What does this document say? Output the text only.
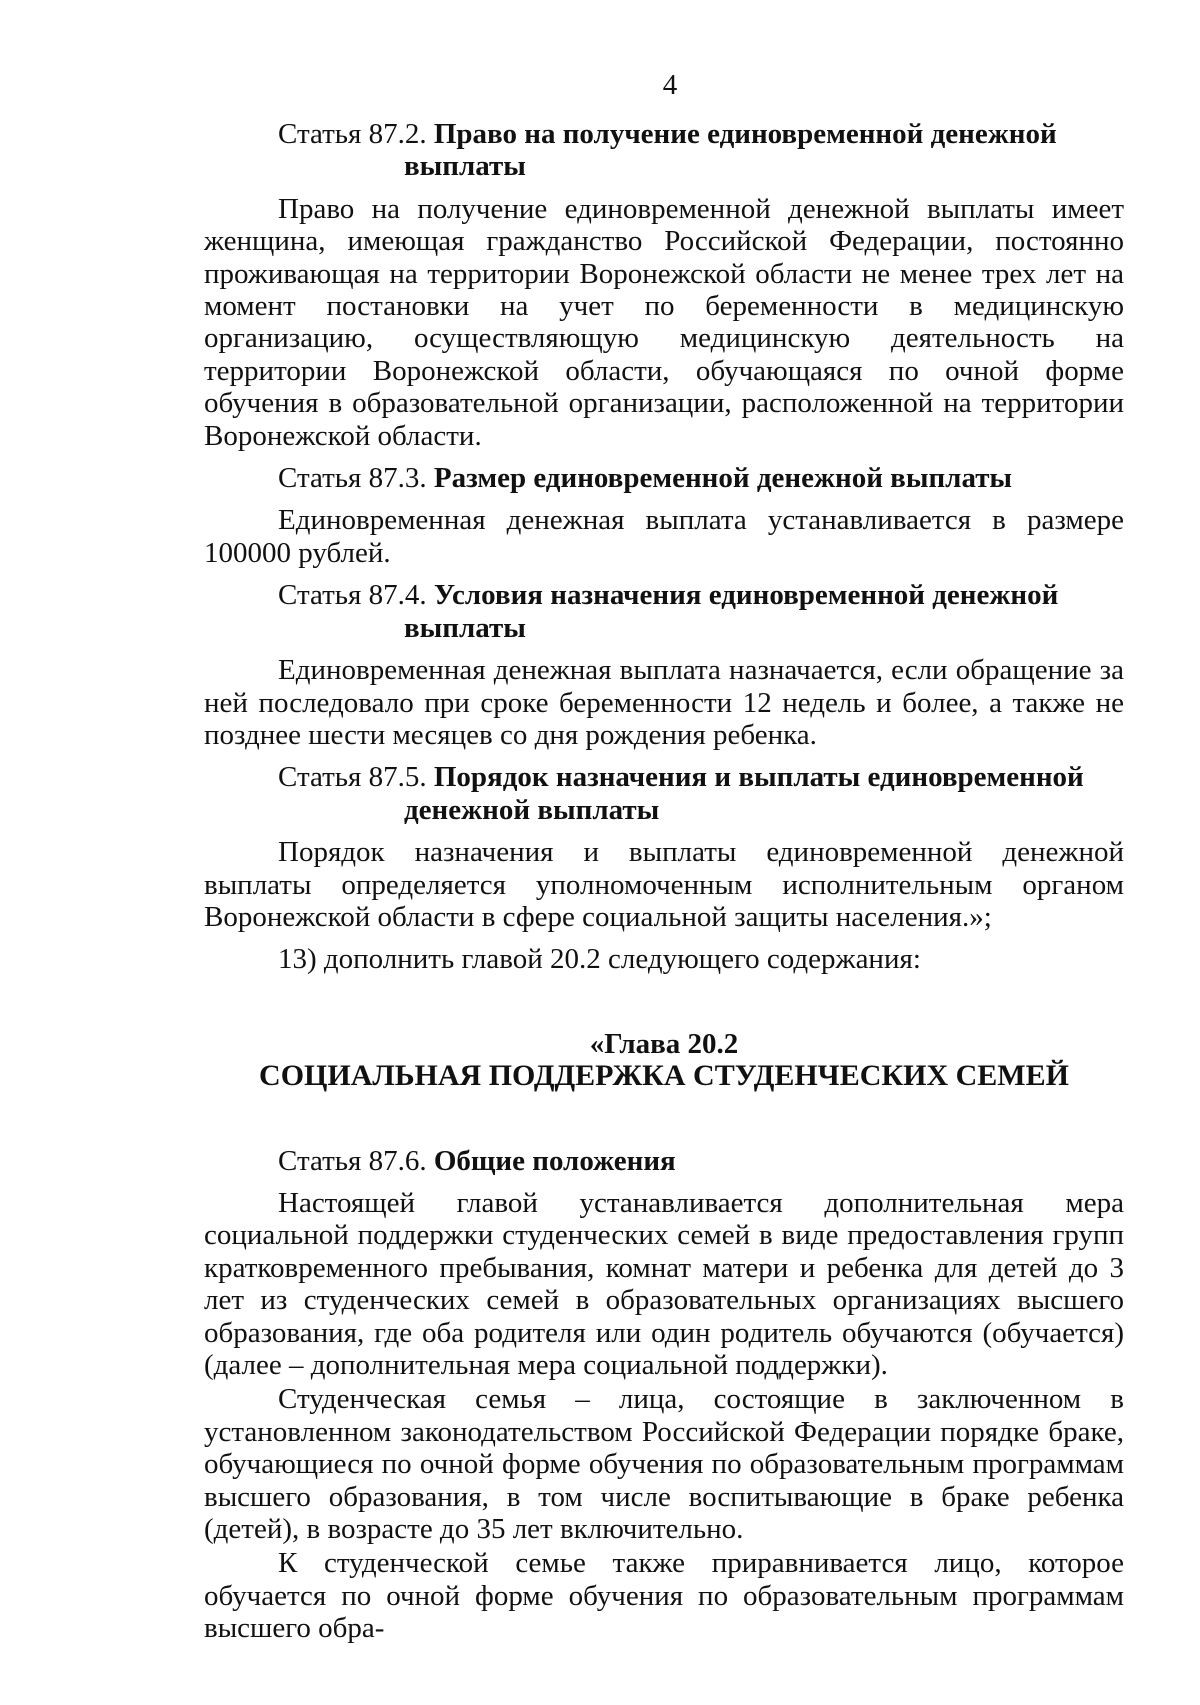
4
Статья 87.2. Право на получение единовременной денежной
выплаты

Право на получение единовременной денежной выплаты имеет женщина, имеющая гражданство Российской Федерации, постоянно проживающая на территории Воронежской области не менее трех лет на момент постановки на учет по беременности в медицинскую организацию, осуществляющую медицинскую деятельность на территории Воронежской области, обучающаяся по очной форме обучения в образовательной организации, расположенной на территории Воронежской области.

Статья 87.3. Размер единовременной денежной выплаты

Единовременная денежная выплата устанавливается в размере 100000 рублей.

Статья 87.4. Условия назначения единовременной денежной
выплаты

Единовременная денежная выплата назначается, если обращение за ней последовало при сроке беременности 12 недель и более, а также не позднее шести месяцев со дня рождения ребенка.

Статья 87.5. Порядок назначения и выплаты единовременной
денежной выплаты

Порядок назначения и выплаты единовременной денежной выплаты определяется уполномоченным исполнительным органом Воронежской области в сфере социальной защиты населения.»;

13) дополнить главой 20.2 следующего содержания:

«Глава 20.2

СОЦИАЛЬНАЯ ПОДДЕРЖКА СТУДЕНЧЕСКИХ СЕМЕЙ

Статья 87.6. Общие положения

Настоящей главой устанавливается дополнительная мера социальной поддержки студенческих семей в виде предоставления групп кратковременного пребывания, комнат матери и ребенка для детей до 3 лет из студенческих семей в образовательных организациях высшего образования, где оба родителя или один родитель обучаются (обучается) (далее – дополнительная мера социальной поддержки).

Студенческая семья – лица, состоящие в заключенном в установленном законодательством Российской Федерации порядке браке, обучающиеся по очной форме обучения по образовательным программам высшего образования, в том числе воспитывающие в браке ребенка (детей), в возрасте до 35 лет включительно.

К студенческой семье также приравнивается лицо, которое обучается по очной форме обучения по образовательным программам высшего обра-
